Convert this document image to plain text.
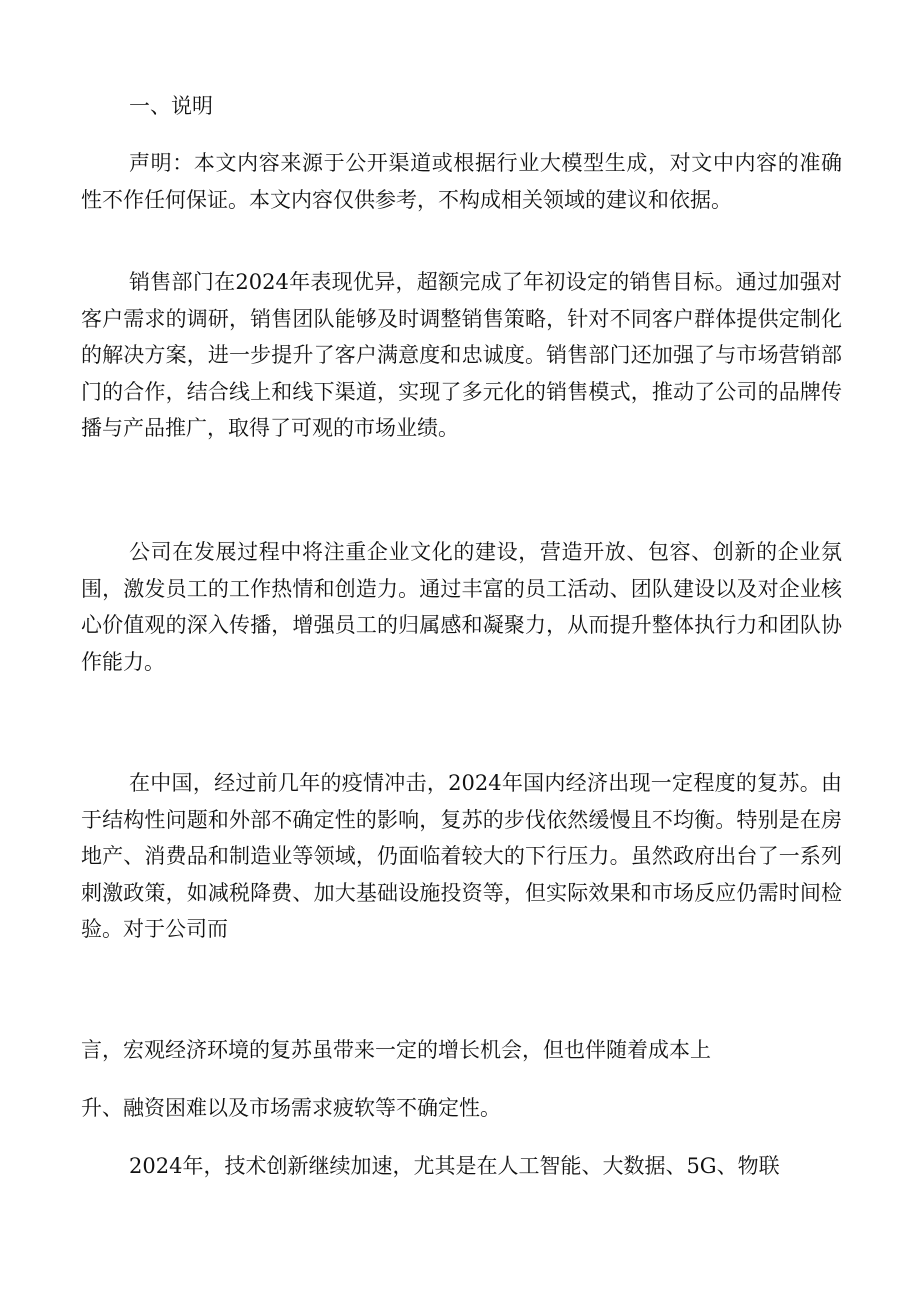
一、说明

声明：本文内容来源于公开渠道或根据行业大模型生成，对文中内容的准确性不作任何保证。本文内容仅供参考，不构成相关领域的建议和依据。

销售部门在2024年表现优异，超额完成了年初设定的销售目标。通过加强对客户需求的调研，销售团队能够及时调整销售策略，针对不同客户群体提供定制化的解决方案，进一步提升了客户满意度和忠诚度。销售部门还加强了与市场营销部门的合作，结合线上和线下渠道，实现了多元化的销售模式，推动了公司的品牌传播与产品推广，取得了可观的市场业绩。

公司在发展过程中将注重企业文化的建设，营造开放、包容、创新的企业氛围，激发员工的工作热情和创造力。通过丰富的员工活动、团队建设以及对企业核心价值观的深入传播，增强员工的归属感和凝聚力，从而提升整体执行力和团队协作能力。

在中国，经过前几年的疫情冲击，2024年国内经济出现一定程度的复苏。由于结构性问题和外部不确定性的影响，复苏的步伐依然缓慢且不均衡。特别是在房地产、消费品和制造业等领域，仍面临着较大的下行压力。虽然政府出台了一系列刺激政策，如减税降费、加大基础设施投资等，但实际效果和市场反应仍需时间检验。对于公司而

言，宏观经济环境的复苏虽带来一定的增长机会，但也伴随着成本上

升、融资困难以及市场需求疲软等不确定性。

2024年，技术创新继续加速，尤其是在人工智能、大数据、5G、物联
